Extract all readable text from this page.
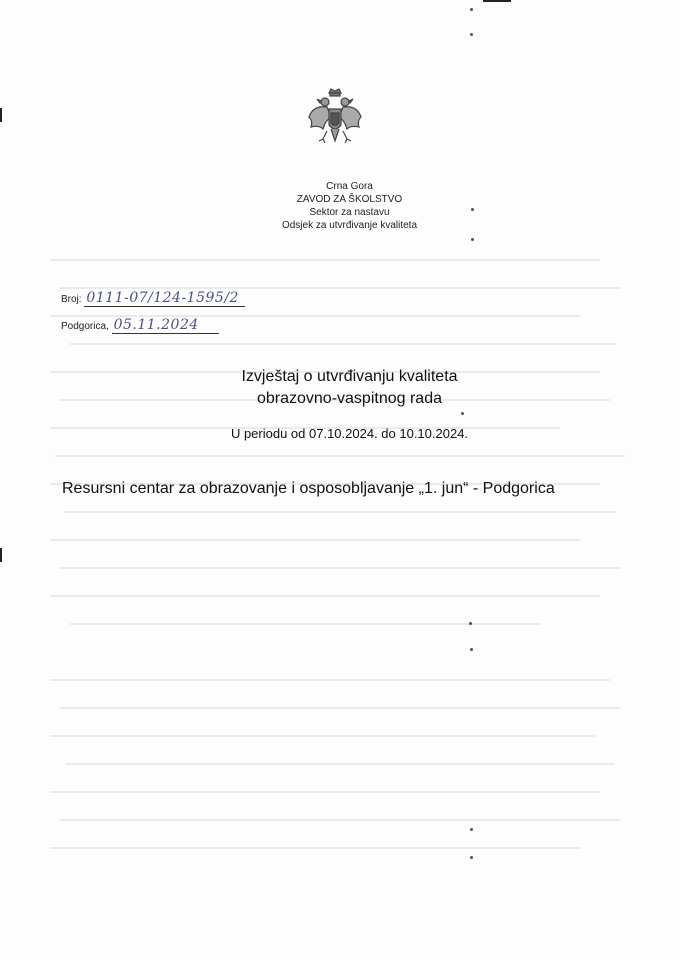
Crna Gora
ZAVOD ZA ŠKOLSTVO
Sektor za nastavu
Odsjek za utvrđivanje kvaliteta
Broj: 0111-07/124-1595/2
Podgorica, 05.11.2024
Izvještaj o utvrđivanju kvaliteta
obrazovno-vaspitnog rada
U periodu od 07.10.2024. do 10.10.2024.
Resursni centar za obrazovanje i osposobljavanje „1. jun“ - Podgorica
